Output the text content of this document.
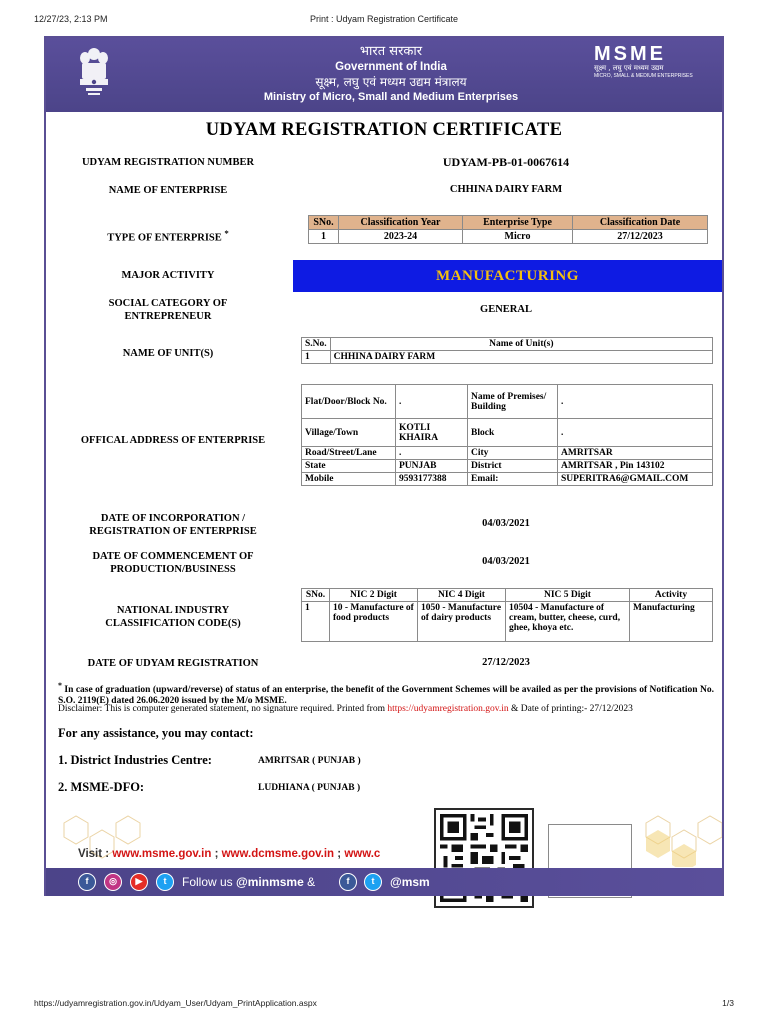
12/27/23, 2:13 PM	Print : Udyam Registration Certificate
भारत सरकार
Government of India
सूक्ष्म, लघु एवं मध्यम उद्यम मंत्रालय
Ministry of Micro, Small and Medium Enterprises
MSME
सूक्ष्म , लघु एवं मध्यम उद्यम
MICRO, SMALL & MEDIUM ENTERPRISES
UDYAM REGISTRATION CERTIFICATE
UDYAM REGISTRATION NUMBER	UDYAM-PB-01-0067614
NAME OF ENTERPRISE	CHHINA DAIRY FARM
TYPE OF ENTERPRISE *
SNo.	Classification Year	Enterprise Type	Classification Date
1	2023-24	Micro	27/12/2023
MAJOR ACTIVITY	MANUFACTURING
SOCIAL CATEGORY OF
ENTREPRENEUR
GENERAL
NAME OF UNIT(S)
S.No.	Name of Unit(s)
1	CHHINA DAIRY FARM
OFFICAL ADDRESS OF ENTERPRISE
Flat/Door/Block No.	.	Name of Premises/ Building	.
Village/Town	KOTLI KHAIRA	Block	.
Road/Street/Lane	.	City	AMRITSAR
State	PUNJAB	District	AMRITSAR , Pin 143102
Mobile	9593177388	Email:	SUPERITRA6@GMAIL.COM
DATE OF INCORPORATION /
REGISTRATION OF ENTERPRISE
04/03/2021
DATE OF COMMENCEMENT OF
PRODUCTION/BUSINESS
04/03/2021
NATIONAL INDUSTRY
CLASSIFICATION CODE(S)
SNo.	NIC 2 Digit	NIC 4 Digit	NIC 5 Digit	Activity
1	10 - Manufacture of food products	1050 - Manufacture of dairy products	10504 - Manufacture of cream, butter, cheese, curd, ghee, khoya etc.	Manufacturing
DATE OF UDYAM REGISTRATION	27/12/2023
* In case of graduation (upward/reverse) of status of an enterprise, the benefit of the Government Schemes will be availed as per the provisions of Notification No. S.O. 2119(E) dated 26.06.2020 issued by the M/o MSME.
Disclaimer: This is computer generated statement, no signature required. Printed from https://udyamregistration.gov.in & Date of printing:- 27/12/2023
For any assistance, you may contact:
1. District Industries Centre:	AMRITSAR ( PUNJAB )
2. MSME-DFO:	LUDHIANA ( PUNJAB )
Visit : www.msme.gov.in ; www.dcmsme.gov.in ; www.c
f	◎	▶	t	Follow us @minmsme &	f	t	@msm
https://udyamregistration.gov.in/Udyam_User/Udyam_PrintApplication.aspx	1/3
